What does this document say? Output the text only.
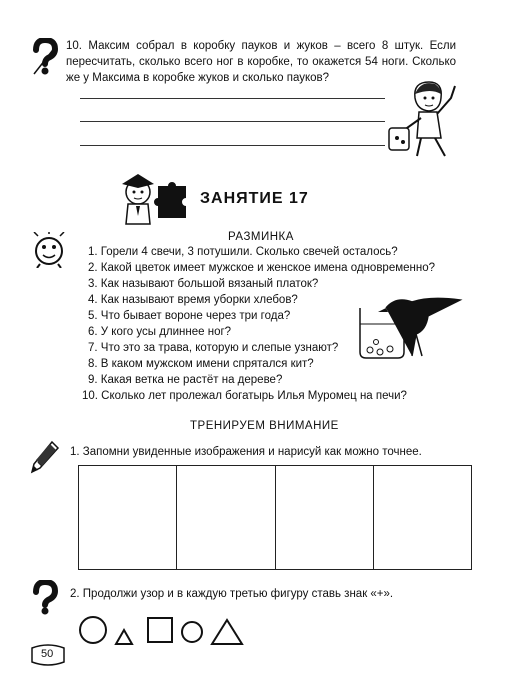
10. Максим собрал в коробку пауков и жуков – всего 8 штук. Если пересчитать, сколько всего ног в коробке, то окажется 54 ноги. Сколько же у Максима в коробке жуков и сколько пауков?
ЗАНЯТИЕ 17
РАЗМИНКА
1. Горели 4 свечи, 3 потушили. Сколько свечей осталось?
2. Какой цветок имеет мужское и женское имена одновременно?
3. Как называют большой вязаный платок?
4. Как называют время уборки хлебов?
5. Что бывает вороне через три года?
6. У кого усы длиннее ног?
7. Что это за трава, которую и слепые узнают?
8. В каком мужском имени спрятался кит?
9. Какая ветка не растёт на дереве?
10. Сколько лет пролежал богатырь Илья Муромец на печи?
ТРЕНИРУЕМ ВНИМАНИЕ
1. Запомни увиденные изображения и нарисуй как можно точнее.
2. Продолжи узор и в каждую третью фигуру ставь знак «+».
50
